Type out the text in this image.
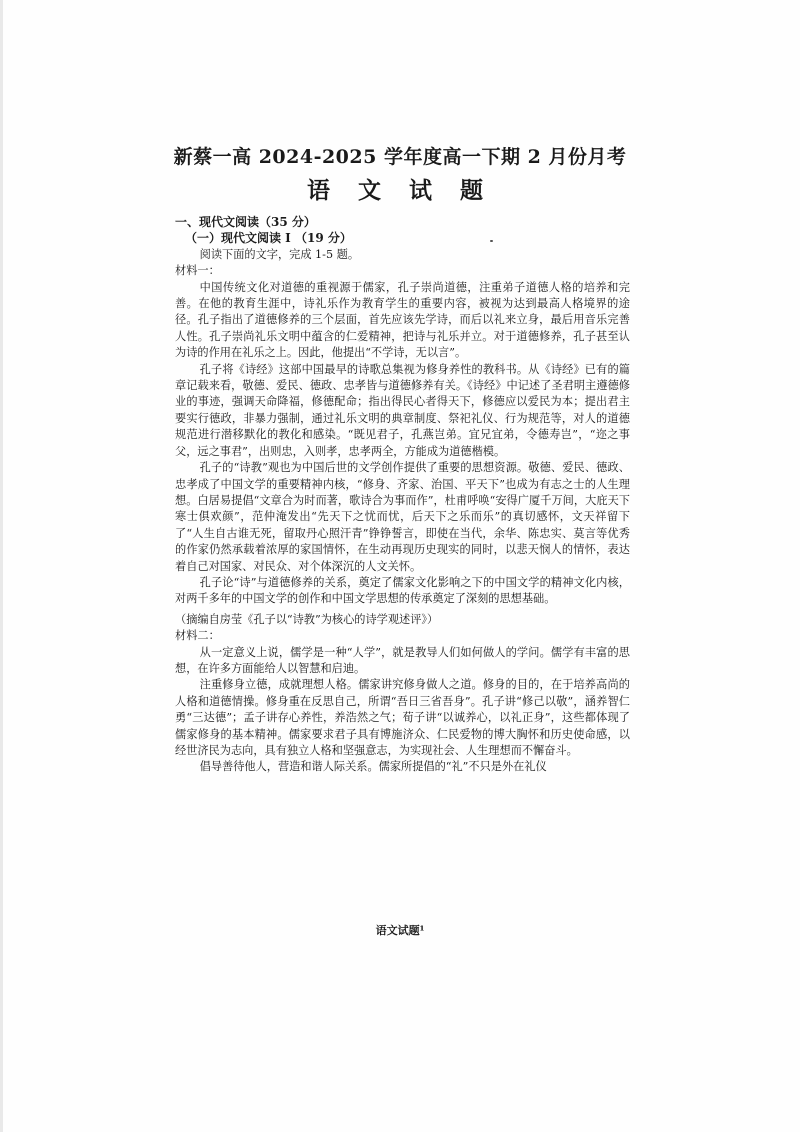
新蔡一高 2024-2025 学年度高一下期 2 月份月考
语 文 试 题

一、现代文阅读（35 分）

（一）现代文阅读 I （19 分）

阅读下面的文字，完成 1-5 题。

材料一：

中国传统文化对道德的重视源于儒家，孔子崇尚道德，注重弟子道德人格的培养和完善。在他的教育生涯中，诗礼乐作为教育学生的重要内容，被视为达到最高人格境界的途径。孔子指出了道德修养的三个层面，首先应该先学诗，而后以礼来立身，最后用音乐完善人性。孔子崇尚礼乐文明中蕴含的仁爱精神，把诗与礼乐并立。对于道德修养，孔子甚至认为诗的作用在礼乐之上。因此，他提出“不学诗，无以言”。

孔子将《诗经》这部中国最早的诗歌总集视为修身养性的教科书。从《诗经》已有的篇章记载来看，敬德、爱民、德政、忠孝皆与道德修养有关。《诗经》中记述了圣君明主遵德修业的事迹，强调天命降福，修德配命；指出得民心者得天下，修德应以爱民为本；提出君主要实行德政，非暴力强制，通过礼乐文明的典章制度、祭祀礼仪、行为规范等，对人的道德规范进行潜移默化的教化和感染。“既见君子，孔燕岂弟。宜兄宜弟，令德寿岂”，“迩之事父，远之事君”，出则忠，入则孝，忠孝两全，方能成为道德楷模。

孔子的“诗教”观也为中国后世的文学创作提供了重要的思想资源。敬德、爱民、德政、忠孝成了中国文学的重要精神内核，“修身、齐家、治国、平天下”也成为有志之士的人生理想。白居易提倡“文章合为时而著，歌诗合为事而作”，杜甫呼唤“安得广厦千万间，大庇天下寒士俱欢颜”，范仲淹发出“先天下之忧而忧，后天下之乐而乐”的真切感怀，文天祥留下了“人生自古谁无死，留取丹心照汗青”铮铮誓言，即使在当代，余华、陈忠实、莫言等优秀的作家仍然承载着浓厚的家国情怀，在生动再现历史现实的同时，以悲天悯人的情怀，表达着自己对国家、对民众、对个体深沉的人文关怀。

孔子论“诗”与道德修养的关系，奠定了儒家文化影响之下的中国文学的精神文化内核，对两千多年的中国文学的创作和中国文学思想的传承奠定了深刻的思想基础。

（摘编自房莹《孔子以“诗教”为核心的诗学观述评》）

材料二：

从一定意义上说，儒学是一种“人学”，就是教导人们如何做人的学问。儒学有丰富的思想，在许多方面能给人以智慧和启迪。

注重修身立德，成就理想人格。儒家讲究修身做人之道。修身的目的，在于培养高尚的人格和道德情操。修身重在反思自己，所谓“吾日三省吾身”。孔子讲“修己以敬”，涵养智仁勇“三达德”；孟子讲存心养性，养浩然之气；荀子讲“以诚养心，以礼正身”，这些都体现了儒家修身的基本精神。儒家要求君子具有博施济众、仁民爱物的博大胸怀和历史使命感，以经世济民为志向，具有独立人格和坚强意志，为实现社会、人生理想而不懈奋斗。

倡导善待他人，营造和谐人际关系。儒家所提倡的“礼”不只是外在礼仪

语文试题¹
